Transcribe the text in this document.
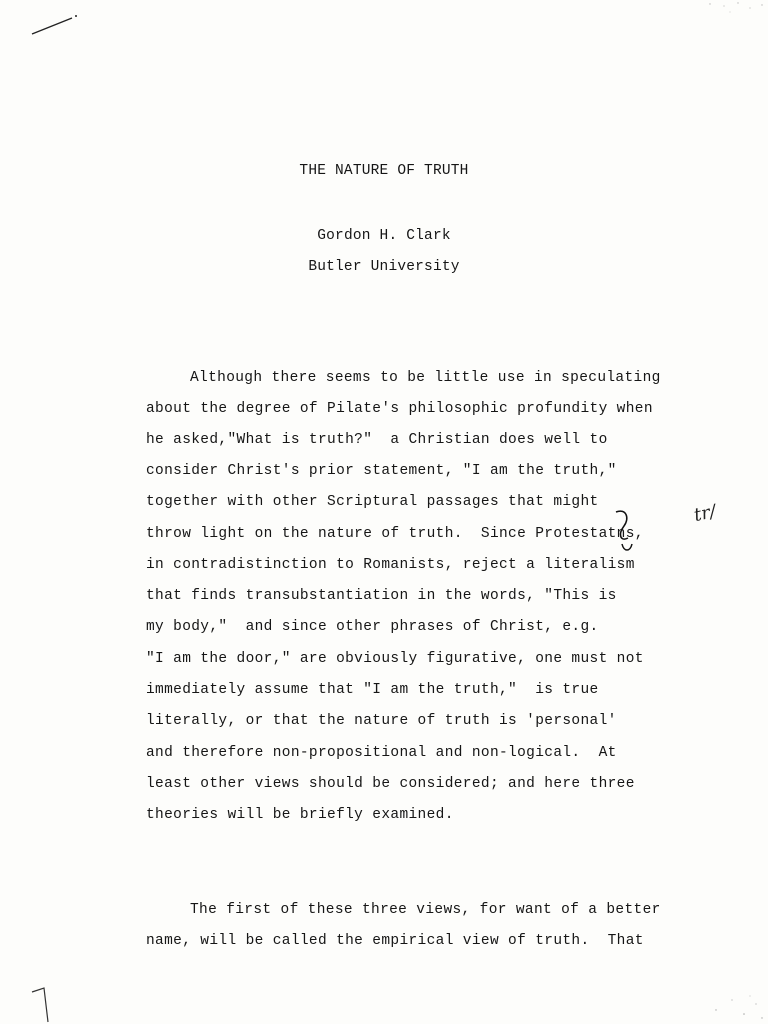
THE NATURE OF TRUTH
Gordon H. Clark
Butler University
Although there seems to be little use in speculating
about the degree of Pilate's philosophic profundity when
he asked,"What is truth?"  a Christian does well to
consider Christ's prior statement, "I am the truth,"
together with other Scriptural passages that might
throw light on the nature of truth.  Since Protestatns,
in contradistinction to Romanists, reject a literalism
that finds transubstantiation in the words, "This is
my body,"  and since other phrases of Christ, e.g.
"I am the door," are obviously figurative, one must not
immediately assume that "I am the truth,"  is true
literally, or that the nature of truth is 'personal'
and therefore non-propositional and non-logical.  At
least other views should be considered; and here three
theories will be briefly examined.
The first of these three views, for want of a better
name, will be called the empirical view of truth.  That
tr/
